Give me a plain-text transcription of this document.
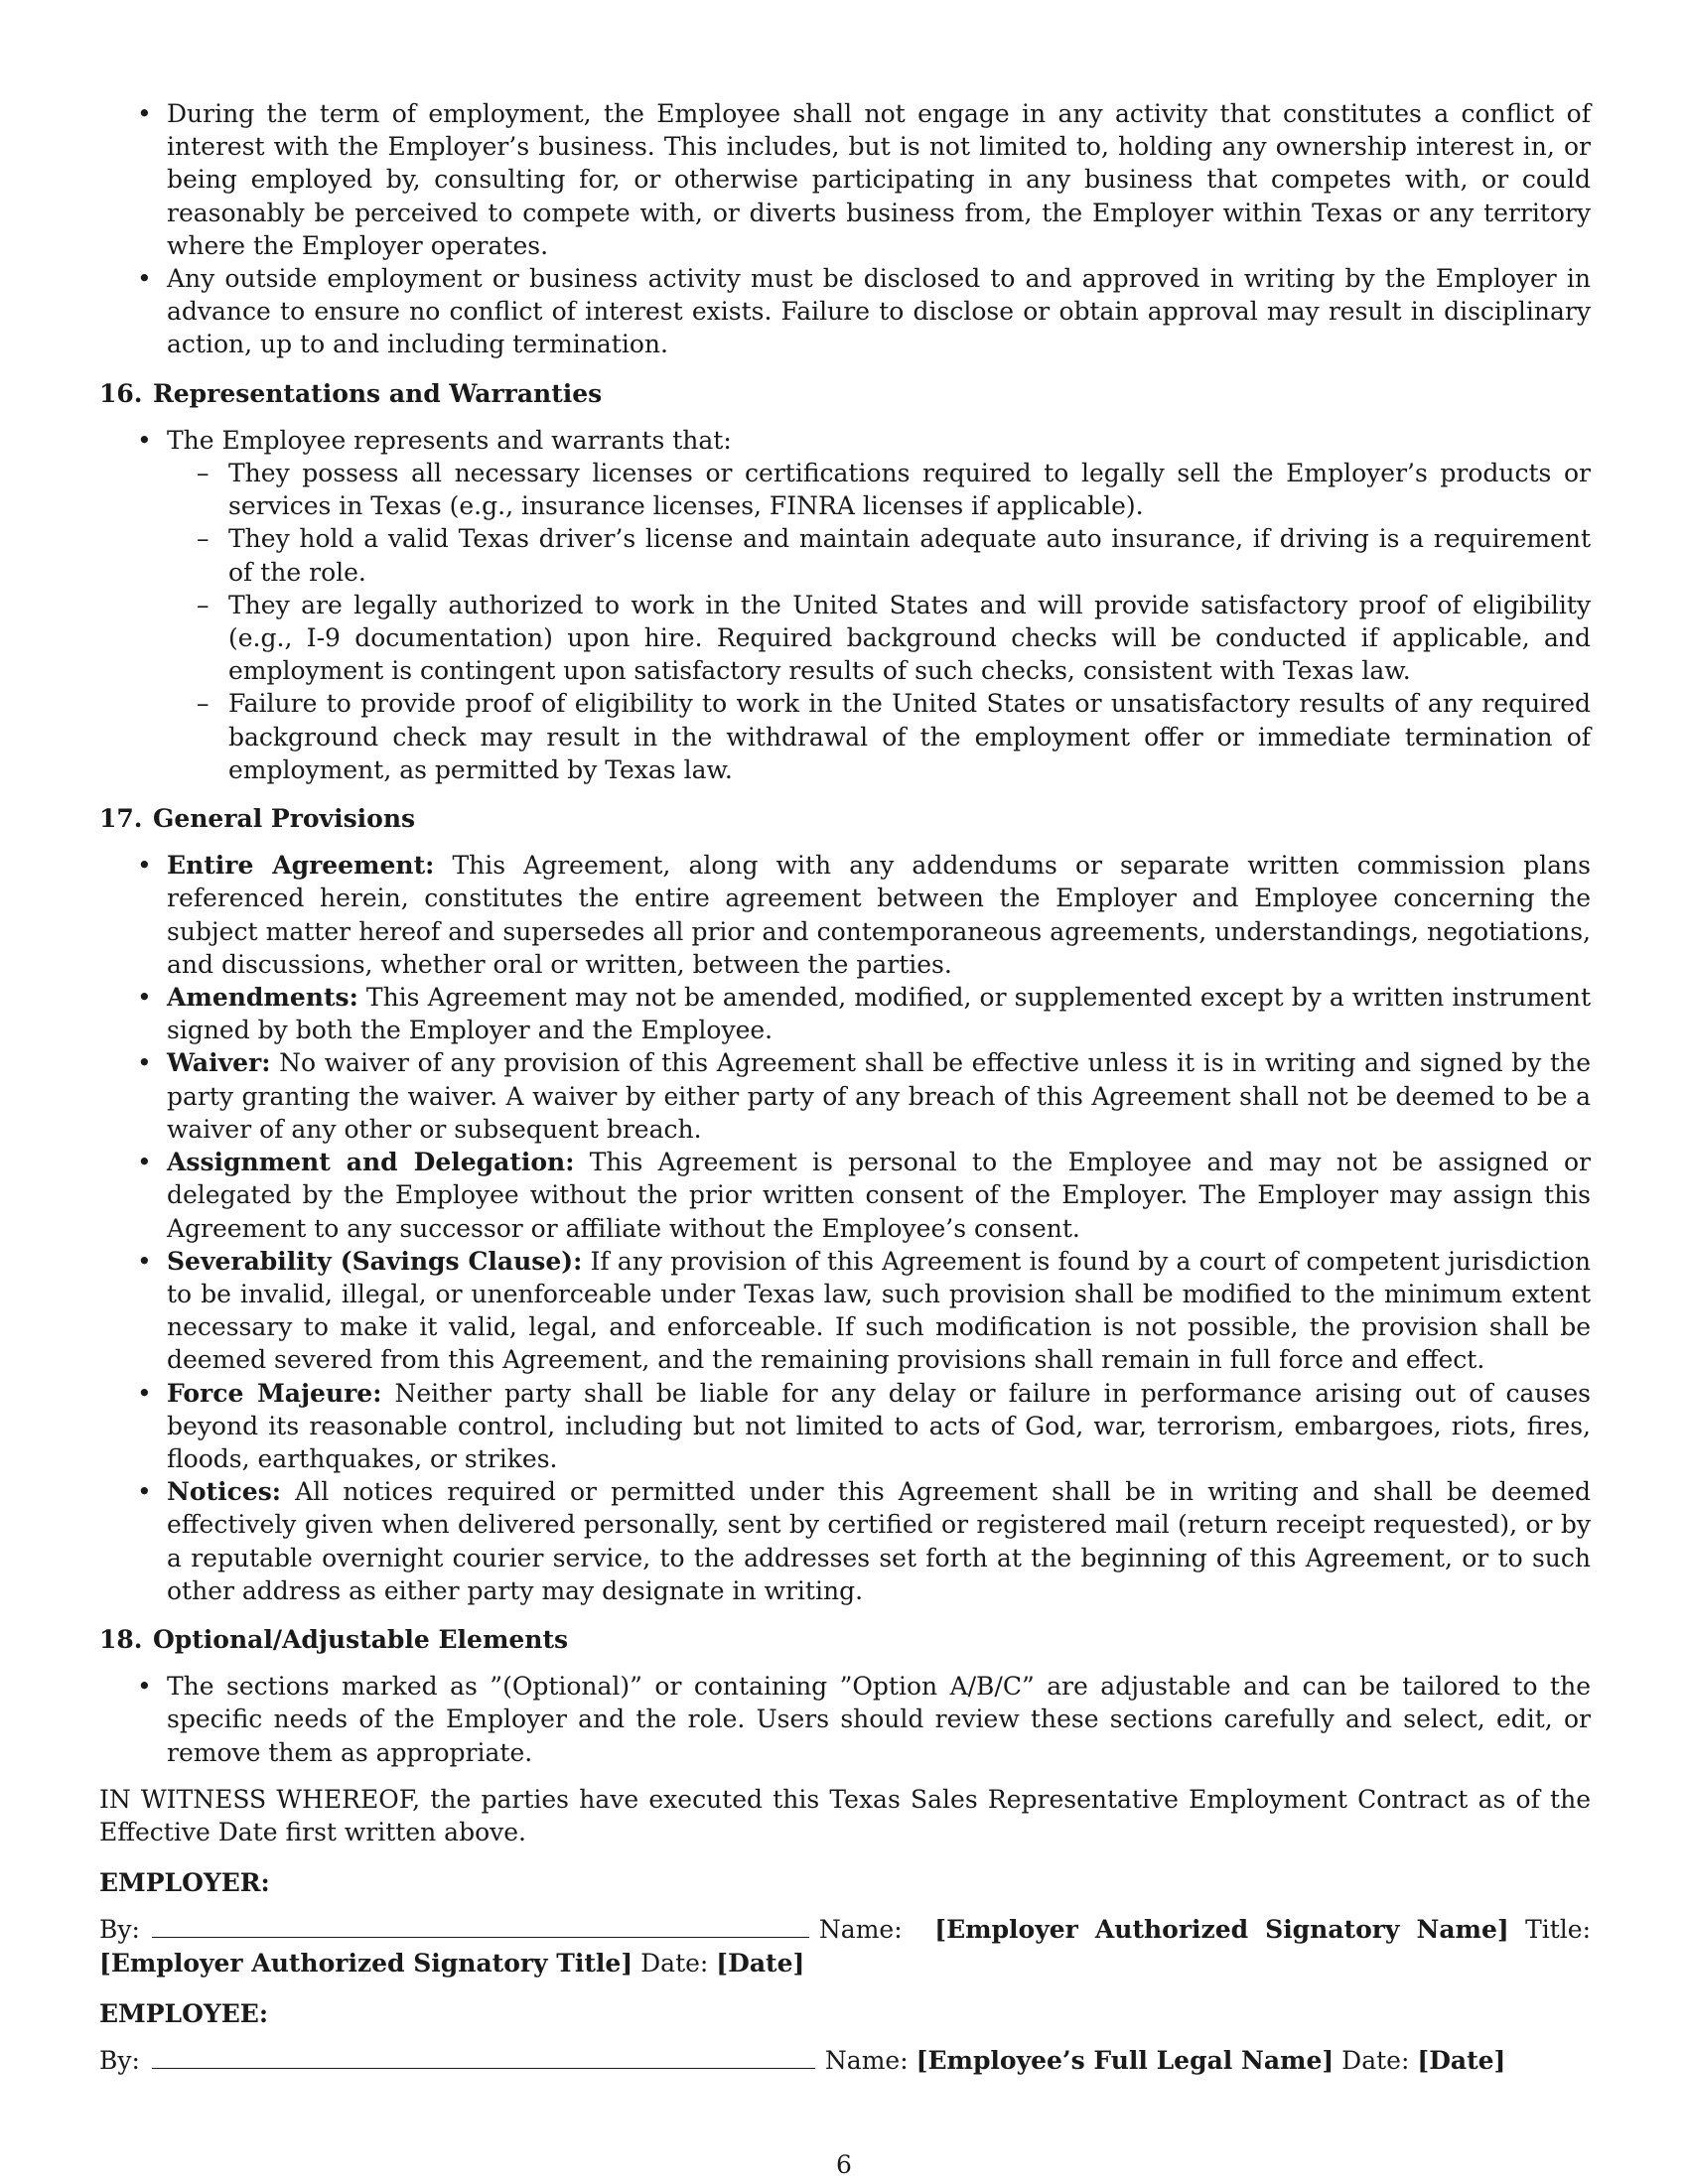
• During the term of employment, the Employee shall not engage in any activity that constitutes a conflict of interest with the Employer’s business. This includes, but is not limited to, holding any ownership interest in, or being employed by, consulting for, or otherwise participating in any business that competes with, or could reasonably be perceived to compete with, or diverts business from, the Employer within Texas or any territory where the Employer operates.
• Any outside employment or business activity must be disclosed to and approved in writing by the Employer in advance to ensure no conflict of interest exists. Failure to disclose or obtain approval may result in disciplinary action, up to and including termination.
16. Representations and Warranties
• The Employee represents and warrants that:
– They possess all necessary licenses or certifications required to legally sell the Employer’s products or services in Texas (e.g., insurance licenses, FINRA licenses if applicable).
– They hold a valid Texas driver’s license and maintain adequate auto insurance, if driving is a requirement of the role.
– They are legally authorized to work in the United States and will provide satisfactory proof of eligibility (e.g., I-9 documentation) upon hire. Required background checks will be conducted if applicable, and employment is contingent upon satisfactory results of such checks, consistent with Texas law.
– Failure to provide proof of eligibility to work in the United States or unsatisfactory results of any required background check may result in the withdrawal of the employment offer or immediate termination of employment, as permitted by Texas law.
17. General Provisions
• Entire Agreement: This Agreement, along with any addendums or separate written commission plans referenced herein, constitutes the entire agreement between the Employer and Employee concerning the subject matter hereof and supersedes all prior and contemporaneous agreements, understandings, negotiations, and discussions, whether oral or written, between the parties.
• Amendments: This Agreement may not be amended, modified, or supplemented except by a written instrument signed by both the Employer and the Employee.
• Waiver: No waiver of any provision of this Agreement shall be effective unless it is in writing and signed by the party granting the waiver. A waiver by either party of any breach of this Agreement shall not be deemed to be a waiver of any other or subsequent breach.
• Assignment and Delegation: This Agreement is personal to the Employee and may not be assigned or delegated by the Employee without the prior written consent of the Employer. The Employer may assign this Agreement to any successor or affiliate without the Employee’s consent.
• Severability (Savings Clause): If any provision of this Agreement is found by a court of competent jurisdiction to be invalid, illegal, or unenforceable under Texas law, such provision shall be modified to the minimum extent necessary to make it valid, legal, and enforceable. If such modification is not possible, the provision shall be deemed severed from this Agreement, and the remaining provisions shall remain in full force and effect.
• Force Majeure: Neither party shall be liable for any delay or failure in performance arising out of causes beyond its reasonable control, including but not limited to acts of God, war, terrorism, embargoes, riots, fires, floods, earthquakes, or strikes.
• Notices: All notices required or permitted under this Agreement shall be in writing and shall be deemed effectively given when delivered personally, sent by certified or registered mail (return receipt requested), or by a reputable overnight courier service, to the addresses set forth at the beginning of this Agreement, or to such other address as either party may designate in writing.
18. Optional/Adjustable Elements
• The sections marked as ”(Optional)” or containing ”Option A/B/C” are adjustable and can be tailored to the specific needs of the Employer and the role. Users should review these sections carefully and select, edit, or remove them as appropriate.

IN WITNESS WHEREOF, the parties have executed this Texas Sales Representative Employment Contract as of the Effective Date first written above.

EMPLOYER:
By:	Name: [Employer Authorized Signatory Name] Title: [Employer Authorized Signatory Title] Date: [Date]
EMPLOYEE:
By:	Name: [Employee’s Full Legal Name] Date: [Date]
6
